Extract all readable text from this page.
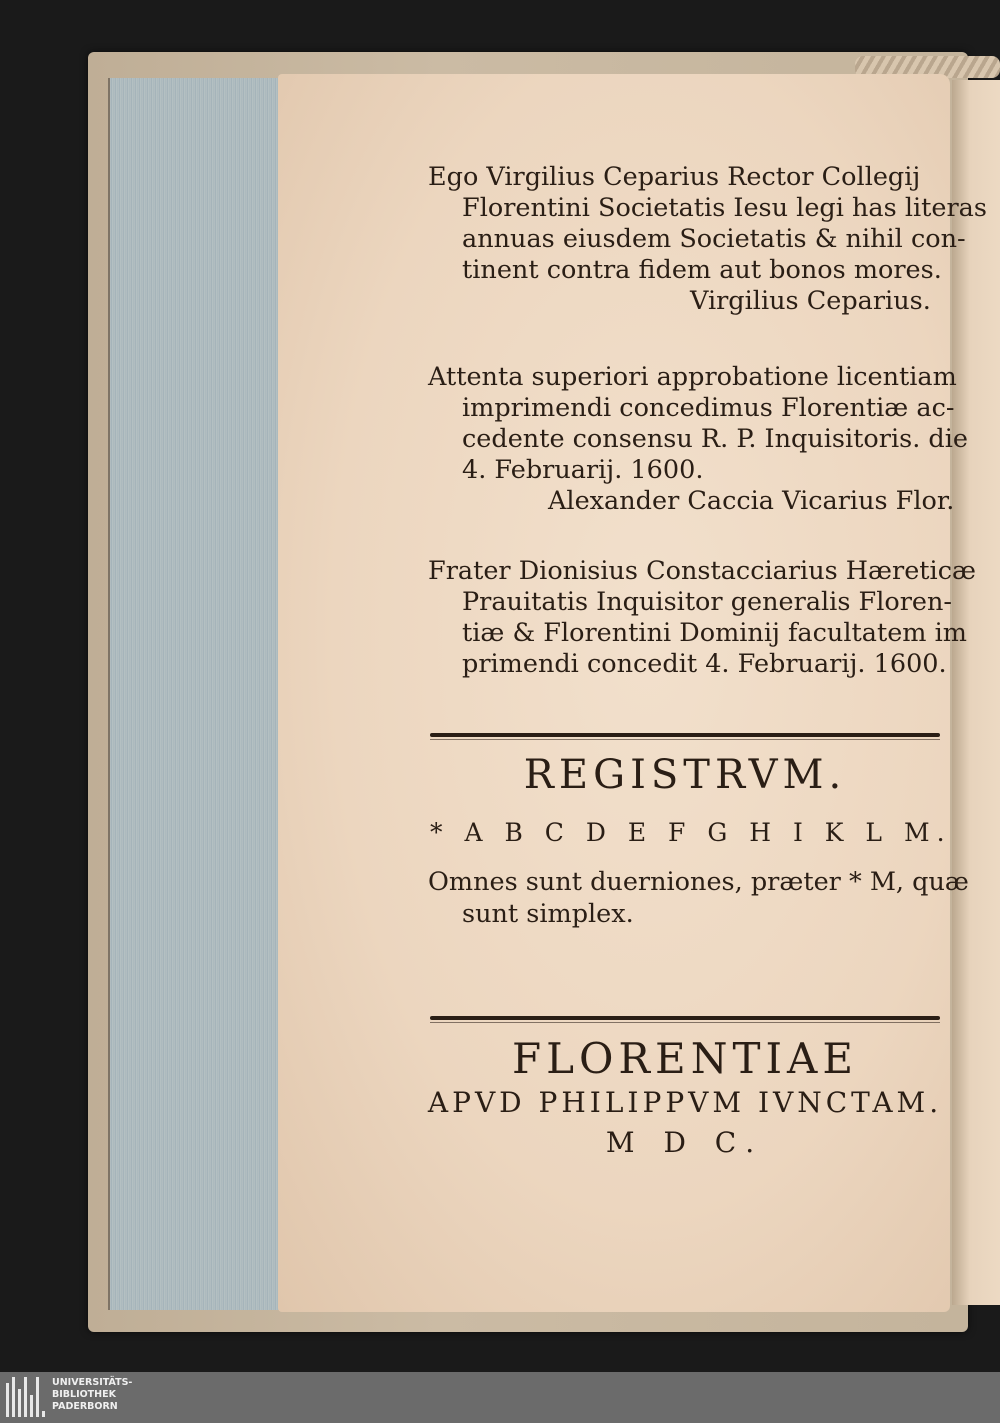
Ego Virgilius Ceparius Rector Collegij

Florentini Societatis Iesu legi has literas

annuas eiusdem Societatis & nihil con-

tinent contra fidem aut bonos mores.

Virgilius Ceparius.

Attenta superiori approbatione licentiam

imprimendi concedimus Florentiæ ac-

cedente consensu R. P. Inquisitoris. die

4. Februarij. 1600.

Alexander Caccia Vicarius Flor.

Frater Dionisius Constacciarius Hæreticæ

Prauitatis Inquisitor generalis Floren-

tiæ & Florentini Dominij facultatem im

primendi concedit 4. Februarij. 1600.

REGISTRVM.
* A B C D E F G H I K L M.

Omnes sunt duerniones, præter * M, quæ

sunt simplex.

FLORENTIAE
APVD PHILIPPVM IVNCTAM.
M D C.
UNIVERSITÄTS-
BIBLIOTHEK
PADERBORN
